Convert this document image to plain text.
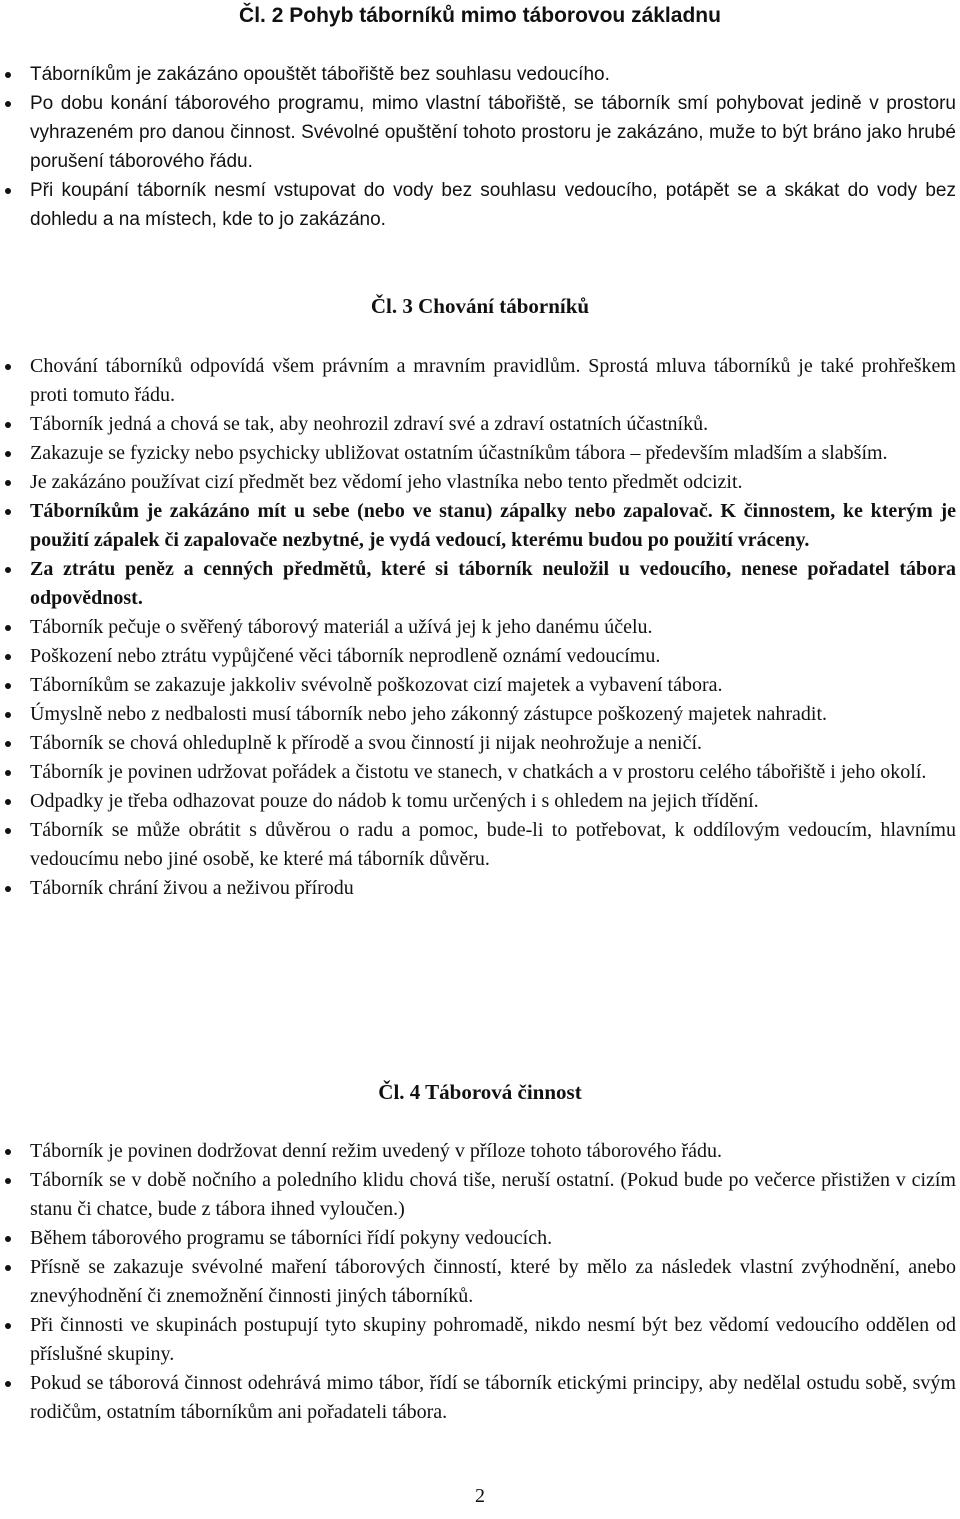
Čl. 2 Pohyb táborníků mimo táborovou základnu
Táborníkům je zakázáno opouštět tábořiště bez souhlasu vedoucího.
Po dobu konání táborového programu, mimo vlastní tábořiště, se táborník smí pohybovat jedině v prostoru vyhrazeném pro danou činnost. Svévolné opuštění tohoto prostoru je zakázáno, muže to být bráno jako hrubé porušení táborového řádu.
Při koupání táborník nesmí vstupovat do vody bez souhlasu vedoucího, potápět se a skákat do vody bez dohledu a na místech, kde to jo zakázáno.
Čl. 3 Chování táborníků
Chování táborníků odpovídá všem právním a mravním pravidlům. Sprostá mluva táborníků je také prohřeškem proti tomuto řádu.
Táborník jedná a chová se tak, aby neohrozil zdraví své a zdraví ostatních účastníků.
Zakazuje se fyzicky nebo psychicky ubližovat ostatním účastníkům tábora – především mladším a slabším.
Je zakázáno používat cizí předmět bez vědomí jeho vlastníka nebo tento předmět odcizit.
Táborníkům je zakázáno mít u sebe (nebo ve stanu) zápalky nebo zapalovač. K činnostem, ke kterým je použití zápalek či zapalovače nezbytné, je vydá vedoucí, kterému budou po použití vráceny.
Za ztrátu peněz a cenných předmětů, které si táborník neuložil u vedoucího, nenese pořadatel tábora odpovědnost.
Táborník pečuje o svěřený táborový materiál a užívá jej k jeho danému účelu.
Poškození nebo ztrátu vypůjčené věci táborník neprodleně oznámí vedoucímu.
Táborníkům se zakazuje jakkoliv svévolně poškozovat cizí majetek a vybavení tábora.
Úmyslně nebo z nedbalosti musí táborník nebo jeho zákonný zástupce poškozený majetek nahradit.
Táborník se chová ohleduplně k přírodě a svou činností ji nijak neohrožuje a neničí.
Táborník je povinen udržovat pořádek a čistotu ve stanech, v chatkách a v prostoru celého tábořiště i jeho okolí.
Odpadky je třeba odhazovat pouze do nádob k tomu určených i s ohledem na jejich třídění.
Táborník se může obrátit s důvěrou o radu a pomoc, bude-li to potřebovat, k oddílovým vedoucím, hlavnímu vedoucímu nebo jiné osobě, ke které má táborník důvěru.
Táborník chrání živou a neživou přírodu
Čl. 4 Táborová činnost
Táborník je povinen dodržovat denní režim uvedený v příloze tohoto táborového řádu.
Táborník se v době nočního a poledního klidu chová tiše, neruší ostatní. (Pokud bude po večerce přistižen v cizím stanu či chatce, bude z tábora ihned vyloučen.)
Během táborového programu se táborníci řídí pokyny vedoucích.
Přísně se zakazuje svévolné maření táborových činností, které by mělo za následek vlastní zvýhodnění, anebo znevýhodnění či znemožnění činnosti jiných táborníků.
Při činnosti ve skupinách postupují tyto skupiny pohromadě, nikdo nesmí být bez vědomí vedoucího oddělen od příslušné skupiny.
Pokud se táborová činnost odehrává mimo tábor, řídí se táborník etickými principy, aby nedělal ostudu sobě, svým rodičům, ostatním táborníkům ani pořadateli tábora.
2
